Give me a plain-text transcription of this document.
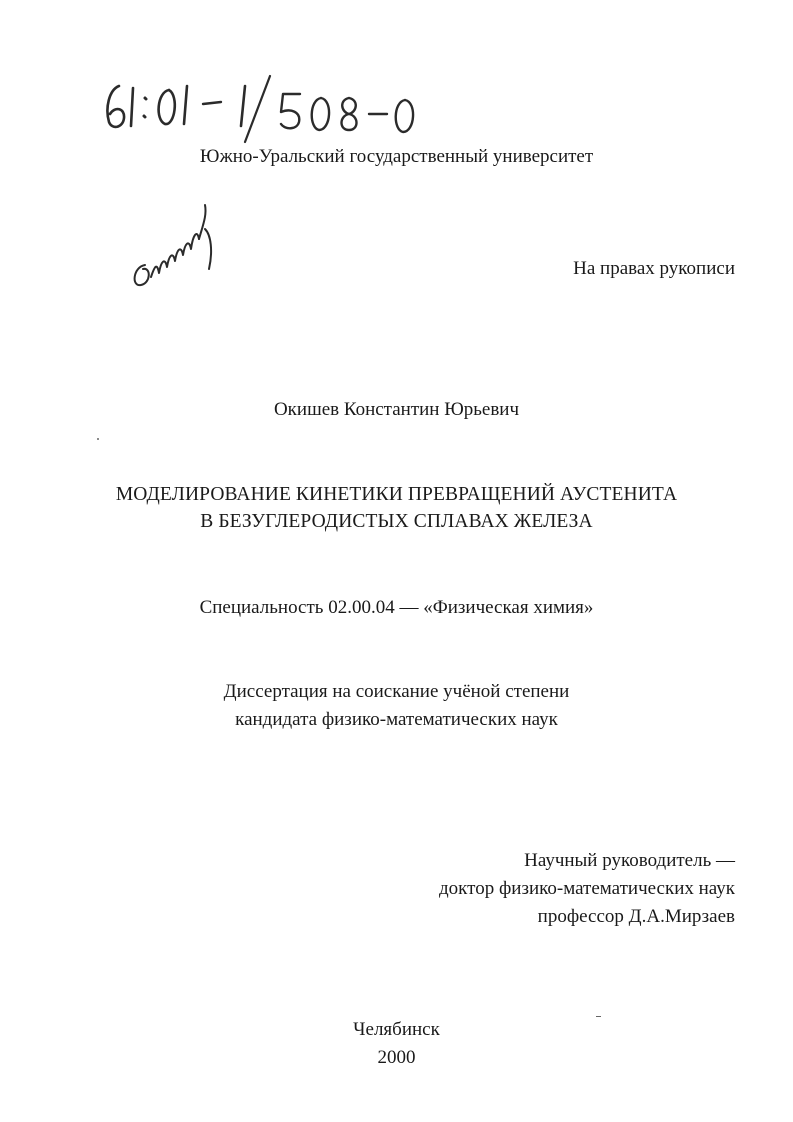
Южно-Уральский государственный университет
На правах рукописи
Окишев Константин Юрьевич
МОДЕЛИРОВАНИЕ КИНЕТИКИ ПРЕВРАЩЕНИЙ АУСТЕНИТА
В БЕЗУГЛЕРОДИСТЫХ СПЛАВАХ ЖЕЛЕЗА
Специальность 02.00.04 — «Физическая химия»
Диссертация на соискание учёной степени
кандидата физико-математических наук
Научный руководитель —
доктор физико-математических наук
профессор Д.А.Мирзаев
Челябинск
2000
